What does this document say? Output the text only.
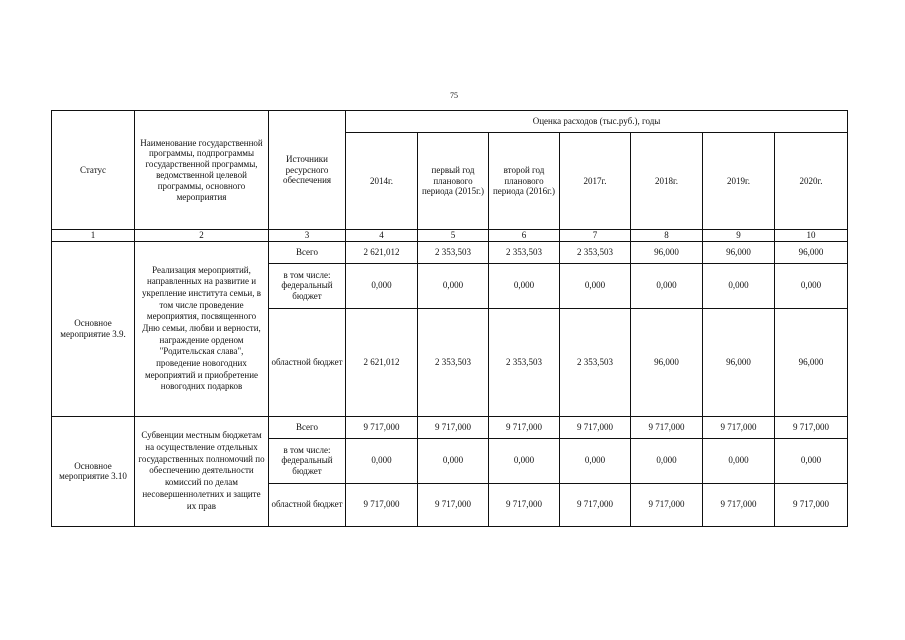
75
Статус	Наименование государственной программы, подпрограммы государственной программы, ведомственной целевой программы, основного мероприятия	Источники ресурсного обеспечения	Оценка расходов (тыс.руб.), годы						
			2014г.	первый год планового периода (2015г.)	второй год планового периода (2016г.)	2017г.	2018г.	2019г.	2020г.
1	2	3	4	5	6	7	8	9	10
Основное мероприятие 3.9.	Реализация мероприятий, направленных на развитие и укрепление института семьи, в том числе проведение мероприятия, посвященного Дню семьи, любви и верности, награждение орденом "Родительская слава", проведение новогодних мероприятий и приобретение новогодних подарков	Всего	2 621,012	2 353,503	2 353,503	2 353,503	96,000	96,000	96,000
		в том числе: федеральный бюджет	0,000	0,000	0,000	0,000	0,000	0,000	0,000
		областной бюджет	2 621,012	2 353,503	2 353,503	2 353,503	96,000	96,000	96,000
Основное мероприятие 3.10	Субвенции местным бюджетам на осуществление отдельных государственных полномочий по обеспечению деятельности комиссий по делам несовершеннолетних и защите их прав	Всего	9 717,000	9 717,000	9 717,000	9 717,000	9 717,000	9 717,000	9 717,000
		в том числе: федеральный бюджет	0,000	0,000	0,000	0,000	0,000	0,000	0,000
		областной бюджет	9 717,000	9 717,000	9 717,000	9 717,000	9 717,000	9 717,000	9 717,000
